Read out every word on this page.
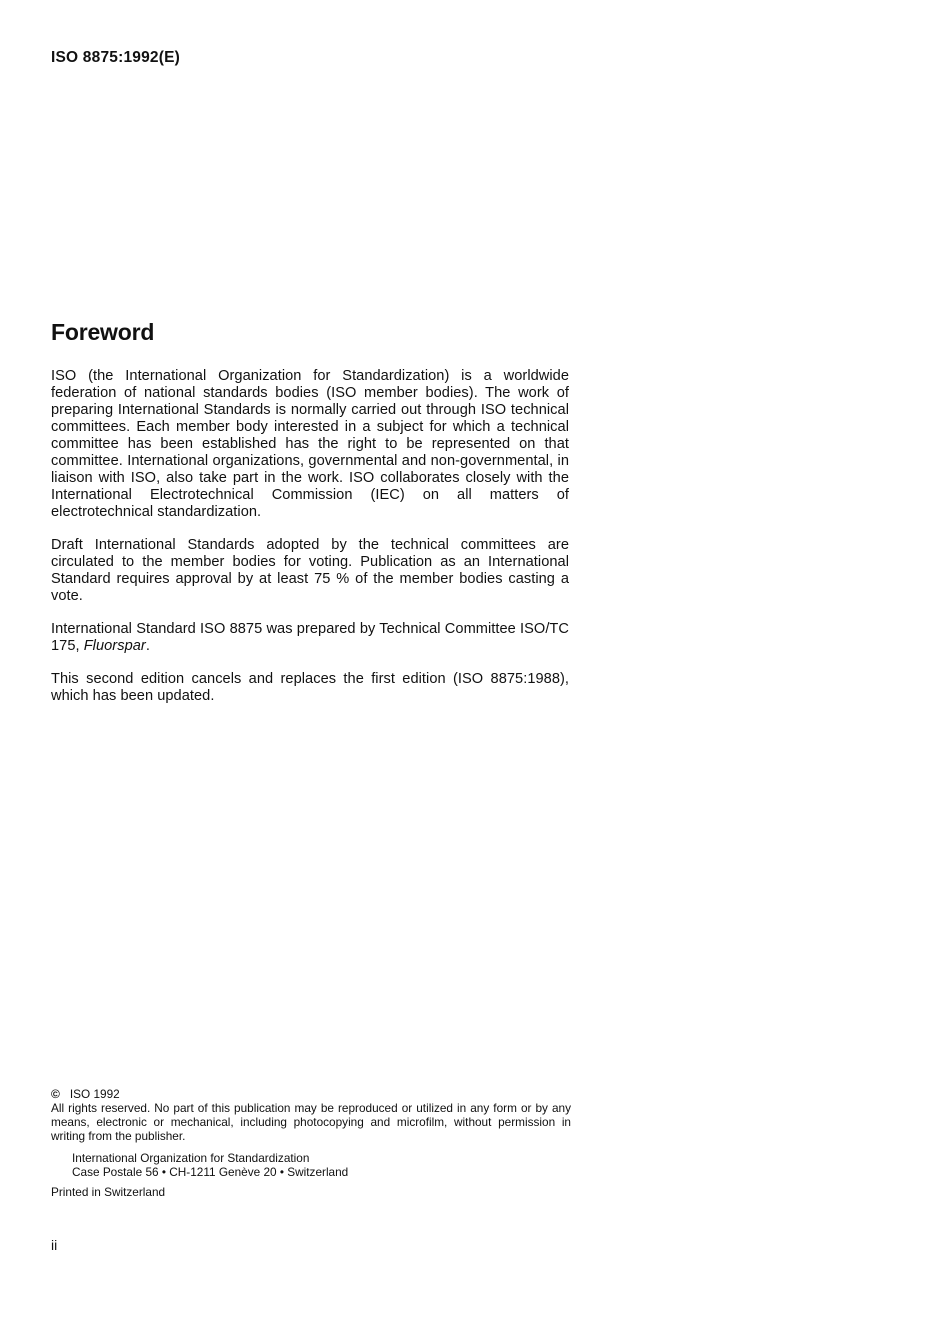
ISO 8875:1992(E)
Foreword

ISO (the International Organization for Standardization) is a worldwide federation of national standards bodies (ISO member bodies). The work of preparing International Standards is normally carried out through ISO technical committees. Each member body interested in a subject for which a technical committee has been established has the right to be represented on that committee. International organizations, governmental and non-governmental, in liaison with ISO, also take part in the work. ISO collaborates closely with the International Electrotechnical Commission (IEC) on all matters of electrotechnical standardization.

Draft International Standards adopted by the technical committees are circulated to the member bodies for voting. Publication as an International Standard requires approval by at least 75 % of the member bodies casting a vote.

International Standard ISO 8875 was prepared by Technical Committee ISO/TC 175, Fluorspar.

This second edition cancels and replaces the first edition (ISO 8875:1988), which has been updated.

© ISO 1992

All rights reserved. No part of this publication may be reproduced or utilized in any form or by any means, electronic or mechanical, including photocopying and microfilm, without permission in writing from the publisher.

International Organization for Standardization
Case Postale 56 • CH-1211 Genève 20 • Switzerland
Printed in Switzerland
ii
